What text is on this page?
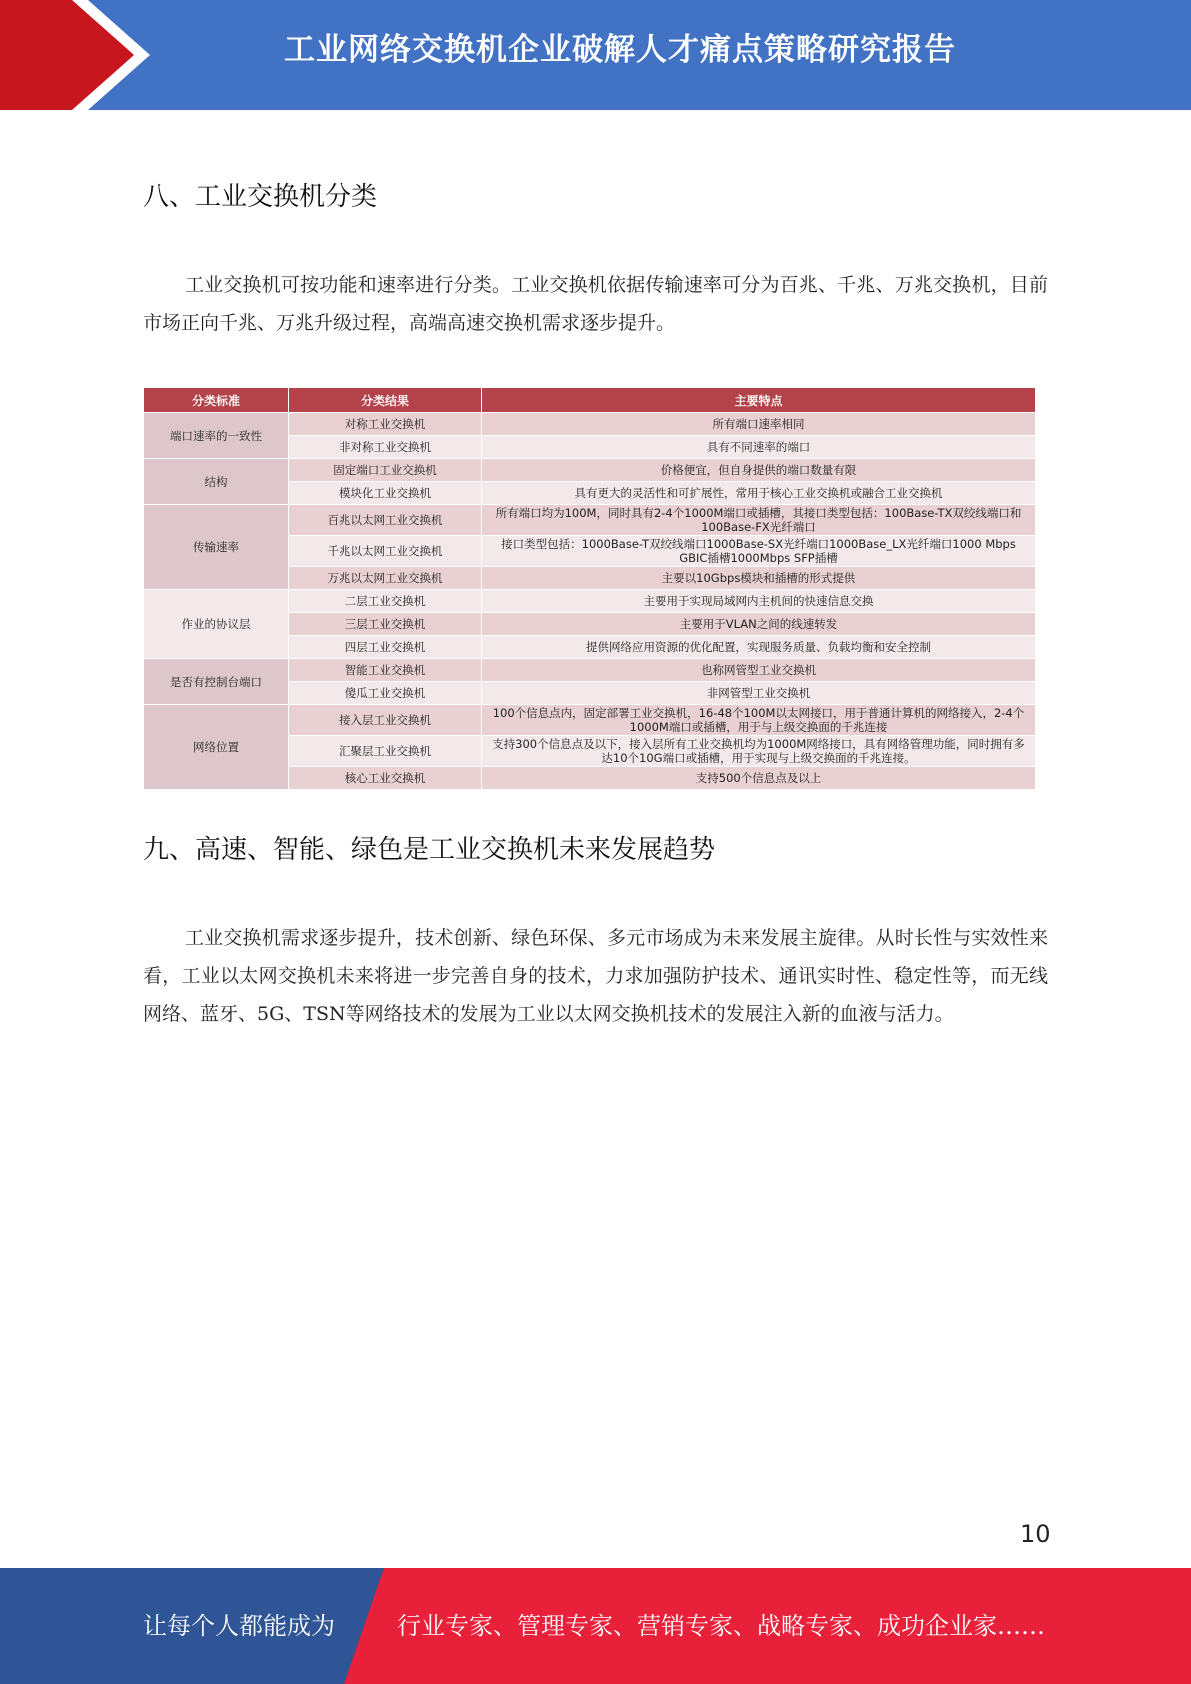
工业网络交换机企业破解人才痛点策略研究报告
八、工业交换机分类
工业交换机可按功能和速率进行分类。工业交换机依据传输速率可分为百兆、千兆、万兆交换机，目前市场正向千兆、万兆升级过程，高端高速交换机需求逐步提升。
分类标准	分类结果	主要特点
端口速率的一致性	对称工业交换机	所有端口速率相同
	非对称工业交换机	具有不同速率的端口
结构	固定端口工业交换机	价格便宜，但自身提供的端口数量有限
	模块化工业交换机	具有更大的灵活性和可扩展性，常用于核心工业交换机或融合工业交换机
传输速率	百兆以太网工业交换机	所有端口均为100M，同时具有2-4个1000M端口或插槽，其接口类型包括：100Base-TX双绞线端口和100Base-FX光纤端口
	千兆以太网工业交换机	接口类型包括：1000Base-T双绞线端口1000Base-SX光纤端口1000Base_LX光纤端口1000 Mbps GBIC插槽1000Mbps SFP插槽
	万兆以太网工业交换机	主要以10Gbps模块和插槽的形式提供
作业的协议层	二层工业交换机	主要用于实现局域网内主机间的快速信息交换
	三层工业交换机	主要用于VLAN之间的线速转发
	四层工业交换机	提供网络应用资源的优化配置，实现服务质量、负载均衡和安全控制
是否有控制台端口	智能工业交换机	也称网管型工业交换机
	傻瓜工业交换机	非网管型工业交换机
网络位置	接入层工业交换机	100个信息点内，固定部署工业交换机，16-48个100M以太网接口，用于普通计算机的网络接入，2-4个1000M端口或插槽，用于与上级交换面的千兆连接
	汇聚层工业交换机	支持300个信息点及以下，接入层所有工业交换机均为1000M网络接口，具有网络管理功能，同时拥有多达10个10G端口或插槽，用于实现与上级交换面的千兆连接。
	核心工业交换机	支持500个信息点及以上
九、高速、智能、绿色是工业交换机未来发展趋势
工业交换机需求逐步提升，技术创新、绿色环保、多元市场成为未来发展主旋律。从时长性与实效性来看，工业以太网交换机未来将进一步完善自身的技术，力求加强防护技术、通讯实时性、稳定性等，而无线网络、蓝牙、5G、TSN等网络技术的发展为工业以太网交换机技术的发展注入新的血液与活力。
10
让每个人都能成为	行业专家、管理专家、营销专家、战略专家、成功企业家……
